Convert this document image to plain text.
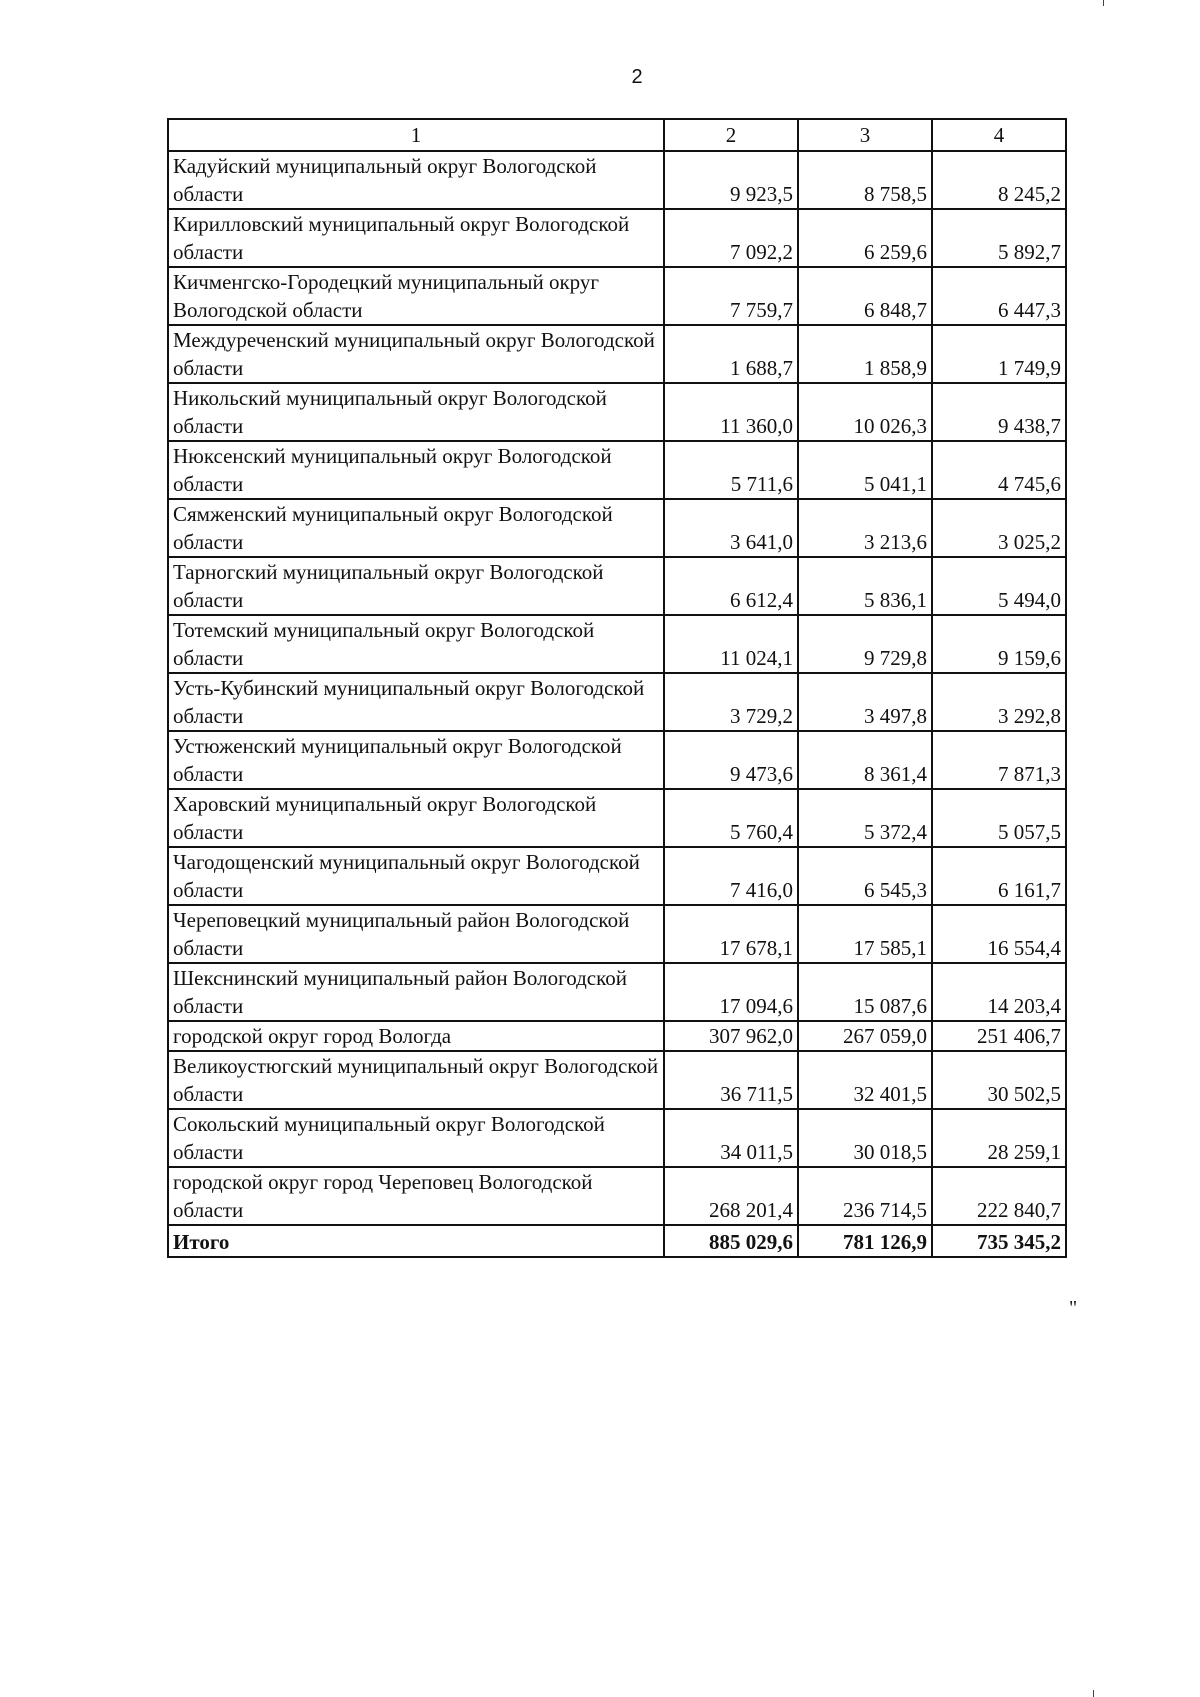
2
1	2	3	4
Кадуйский муниципальный округ Вологодской области	9 923,5	8 758,5	8 245,2
Кирилловский муниципальный округ Вологодской области	7 092,2	6 259,6	5 892,7
Кичменгско-Городецкий муниципальный округ Вологодской области	7 759,7	6 848,7	6 447,3
Междуреченский муниципальный округ Вологодской области	1 688,7	1 858,9	1 749,9
Никольский муниципальный округ Вологодской области	11 360,0	10 026,3	9 438,7
Нюксенский муниципальный округ Вологодской области	5 711,6	5 041,1	4 745,6
Сямженский муниципальный округ Вологодской области	3 641,0	3 213,6	3 025,2
Тарногский муниципальный округ Вологодской области	6 612,4	5 836,1	5 494,0
Тотемский муниципальный округ Вологодской области	11 024,1	9 729,8	9 159,6
Усть-Кубинский муниципальный округ Вологодской области	3 729,2	3 497,8	3 292,8
Устюженский муниципальный округ Вологодской области	9 473,6	8 361,4	7 871,3
Харовский муниципальный округ Вологодской области	5 760,4	5 372,4	5 057,5
Чагодощенский муниципальный округ Вологодской области	7 416,0	6 545,3	6 161,7
Череповецкий муниципальный район Вологодской области	17 678,1	17 585,1	16 554,4
Шекснинский муниципальный район Вологодской области	17 094,6	15 087,6	14 203,4
городской округ город Вологда	307 962,0	267 059,0	251 406,7
Великоустюгский муниципальный округ Вологодской области	36 711,5	32 401,5	30 502,5
Сокольский муниципальный округ Вологодской области	34 011,5	30 018,5	28 259,1
городской округ город Череповец Вологодской области	268 201,4	236 714,5	222 840,7
Итого	885 029,6	781 126,9	735 345,2
"
